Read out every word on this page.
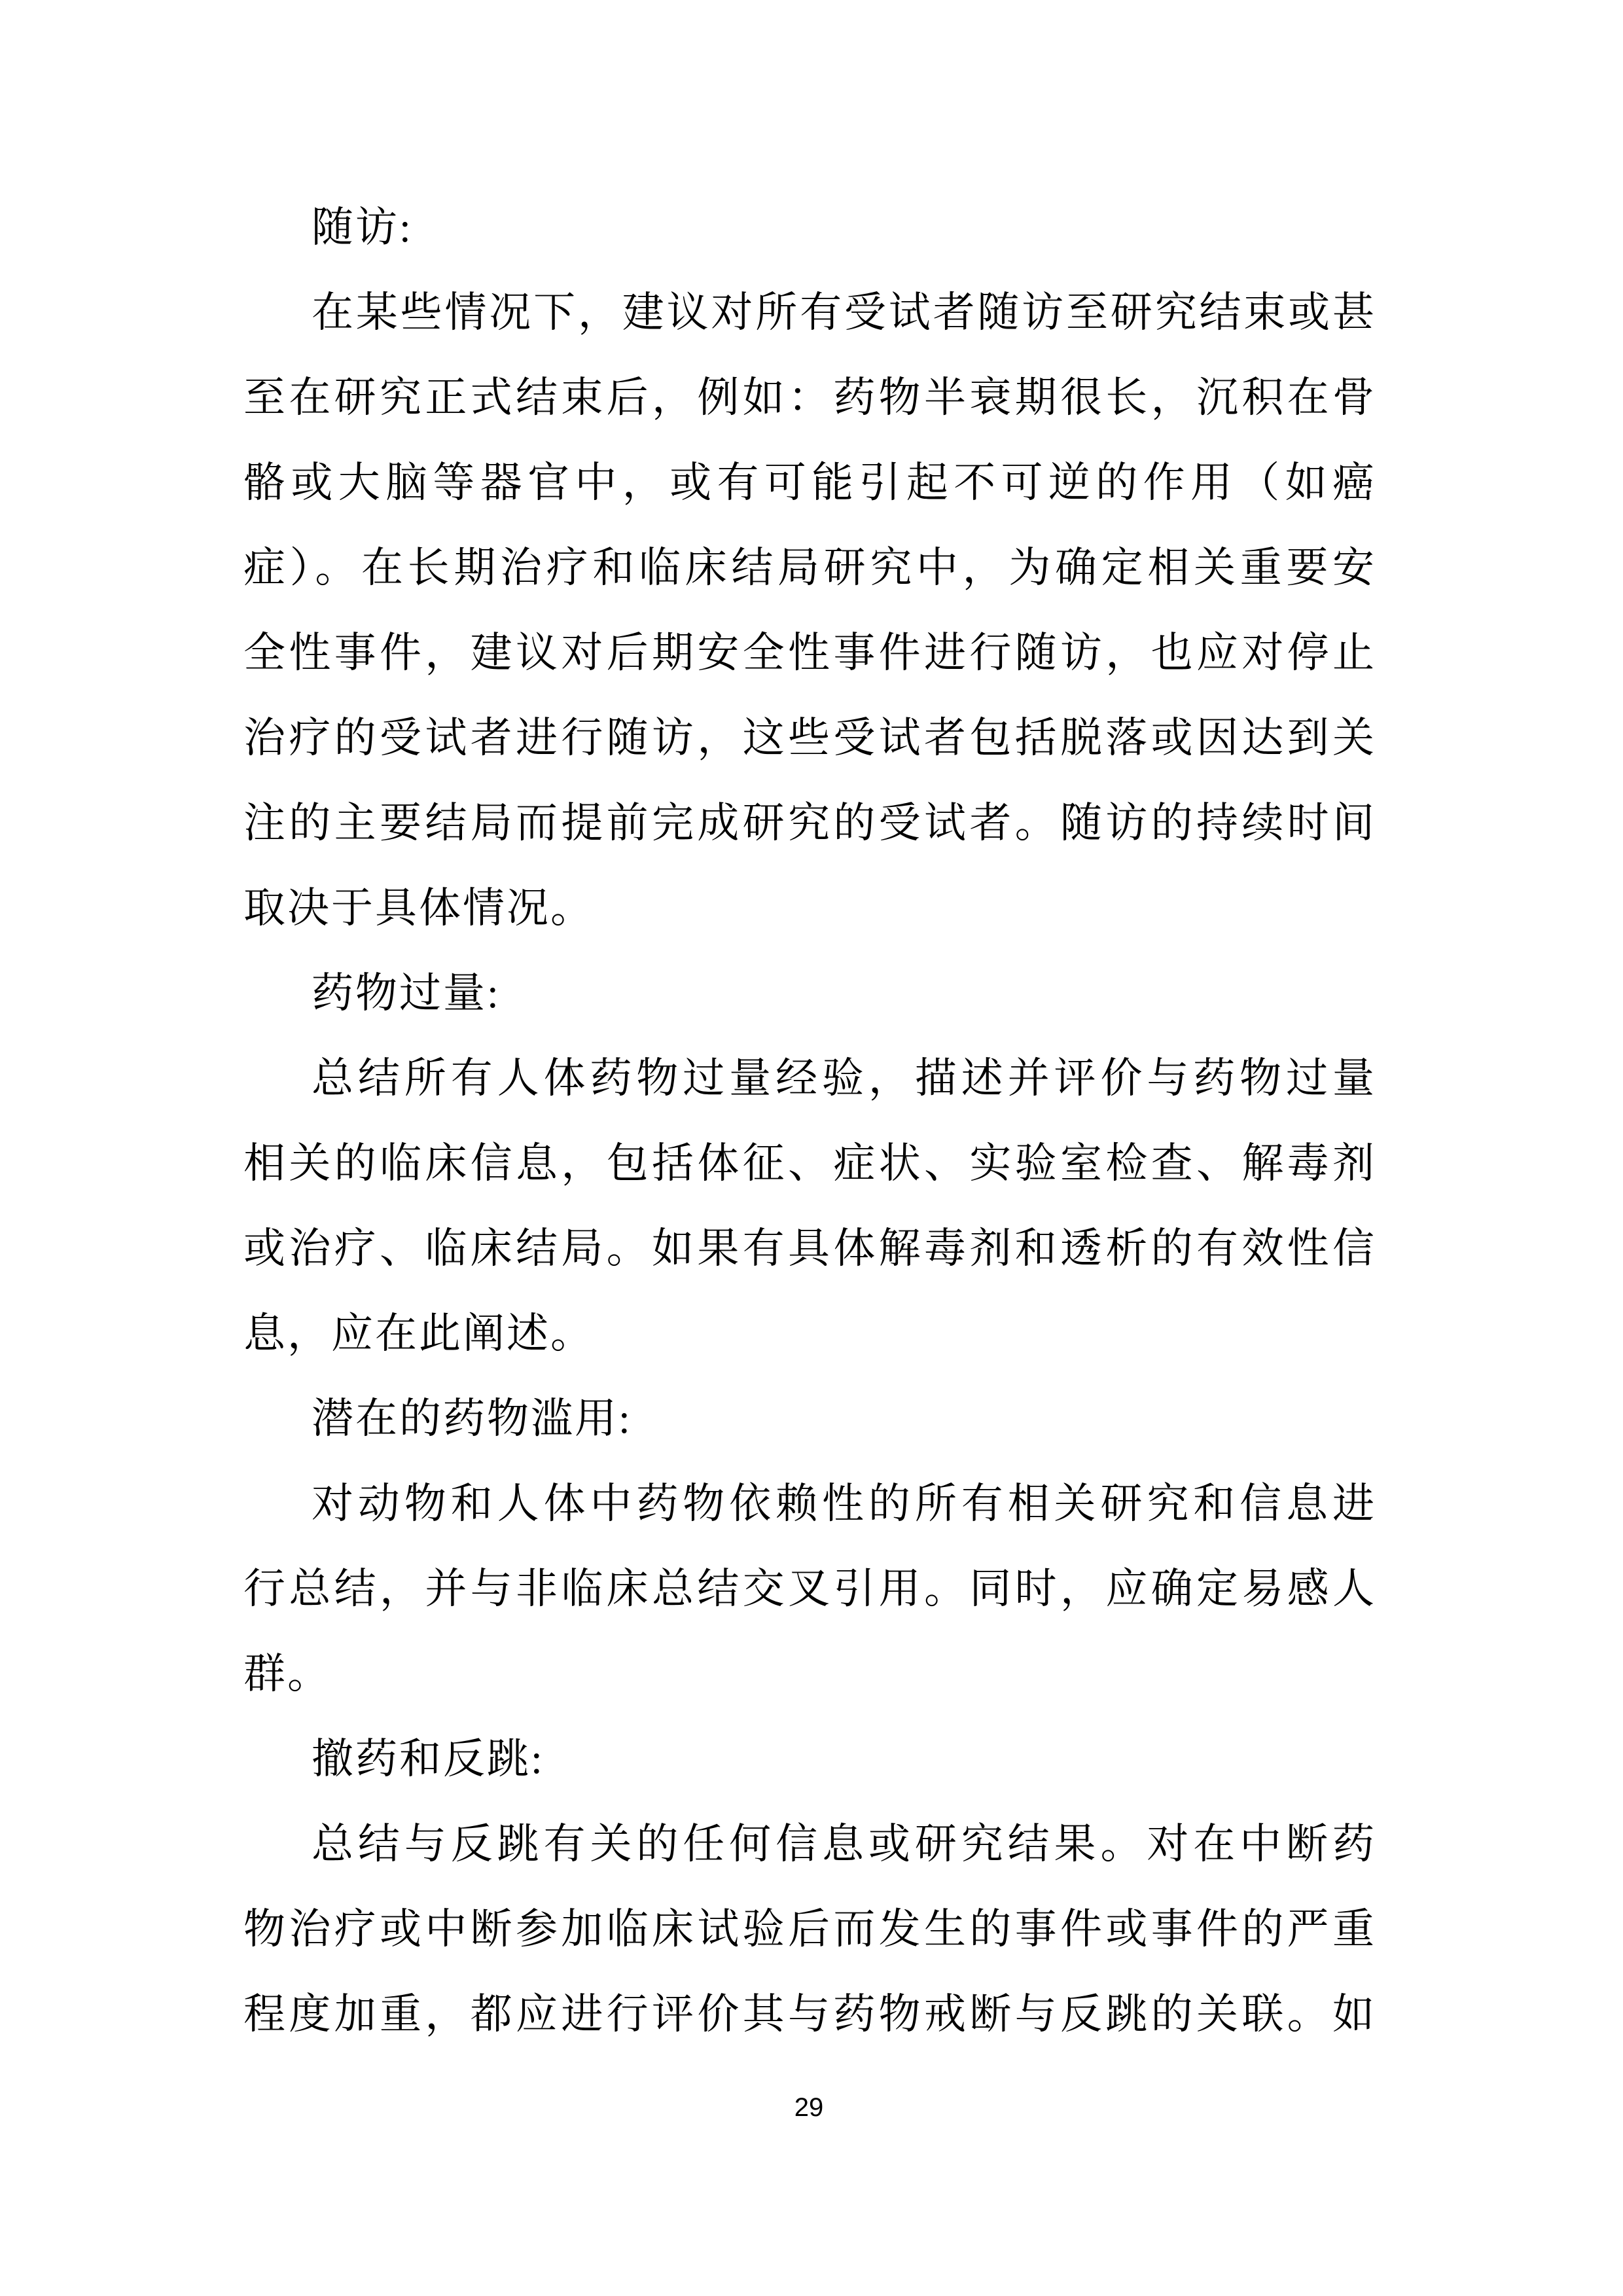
随访:
在某些情况下，建议对所有受试者随访至研究结束或甚
至在研究正式结束后，例如：药物半衰期很长，沉积在骨
骼或大脑等器官中，或有可能引起不可逆的作用（如癌
症）。在长期治疗和临床结局研究中，为确定相关重要安
全性事件，建议对后期安全性事件进行随访，也应对停止
治疗的受试者进行随访，这些受试者包括脱落或因达到关
注的主要结局而提前完成研究的受试者。随访的持续时间
取决于具体情况。
药物过量:
总结所有人体药物过量经验，描述并评价与药物过量
相关的临床信息，包括体征、症状、实验室检查、解毒剂
或治疗、临床结局。如果有具体解毒剂和透析的有效性信
息，应在此阐述。
潜在的药物滥用:
对动物和人体中药物依赖性的所有相关研究和信息进
行总结，并与非临床总结交叉引用。同时，应确定易感人
群。
撤药和反跳:
总结与反跳有关的任何信息或研究结果。对在中断药
物治疗或中断参加临床试验后而发生的事件或事件的严重
程度加重，都应进行评价其与药物戒断与反跳的关联。如
29
